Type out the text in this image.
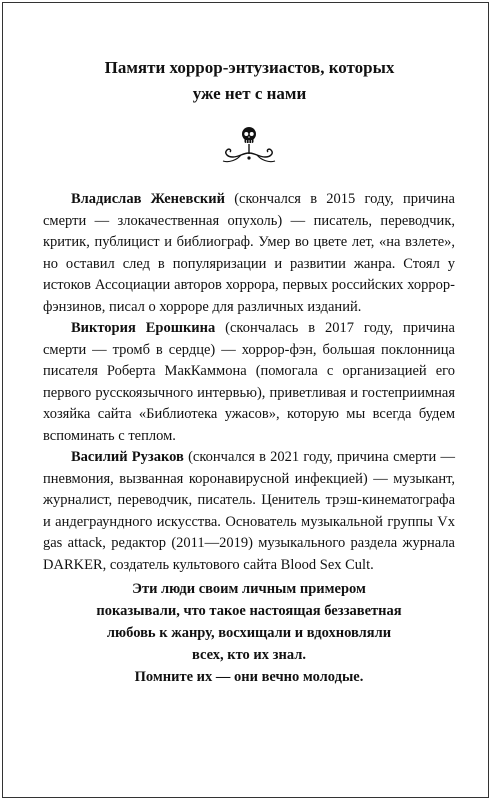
Памяти хоррор-энтузиастов, которых
уже нет с нами

Владислав Женевский (скончался в 2015 году, причина смерти — злокачественная опухоль) — писатель, переводчик, критик, публицист и библиограф. Умер во цвете лет, «на взлете», но оставил след в популяризации и развитии жанра. Стоял у истоков Ассоциации авторов хоррора, первых российских хоррор-фэнзинов, писал о хорроре для различных изданий.

Виктория Ерошкина (скончалась в 2017 году, причина смерти — тромб в сердце) — хоррор-фэн, большая поклонница писателя Роберта МакКаммона (помогала с организацией его первого русскоязычного интервью), приветливая и гостеприимная хозяйка сайта «Библиотека ужасов», которую мы всегда будем вспоминать с теплом.

Василий Рузаков (скончался в 2021 году, причина смерти — пневмония, вызванная коронавирусной инфекцией) — музыкант, журналист, переводчик, писатель. Ценитель трэш-кинематографа и андеграундного искусства. Основатель музыкальной группы Vx gas attack, редактор (2011—2019) музыкального раздела журнала DARKER, создатель культового сайта Blood Sex Cult.

Эти люди своим личным примером
показывали, что такое настоящая беззаветная
любовь к жанру, восхищали и вдохновляли
всех, кто их знал.
Помните их — они вечно молодые.
